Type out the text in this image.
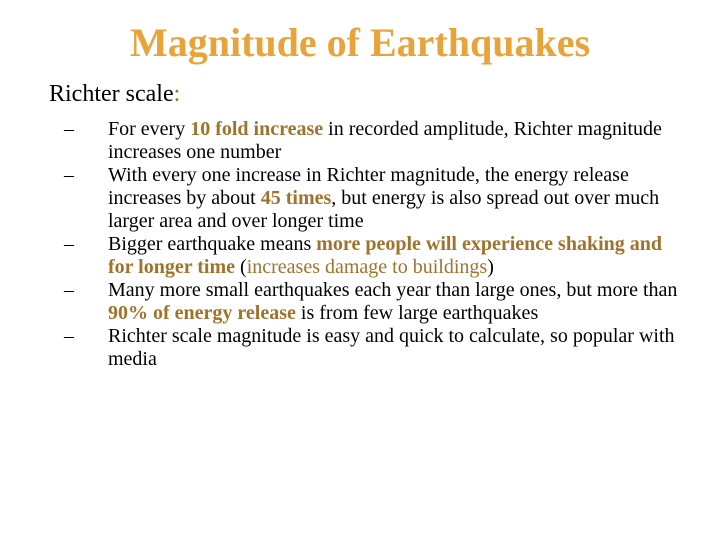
Magnitude of Earthquakes

Richter scale:

–	For every 10 fold increase in recorded amplitude, Richter magnitude increases one number
–	With every one increase in Richter magnitude, the energy release increases by about 45 times, but energy is also spread out over much larger area and over longer time
–	Bigger earthquake means more people will experience shaking and for longer time (increases damage to buildings)
–	Many more small earthquakes each year than large ones, but more than 90% of energy release is from few large earthquakes
–	Richter scale magnitude is easy and quick to calculate, so popular with media
